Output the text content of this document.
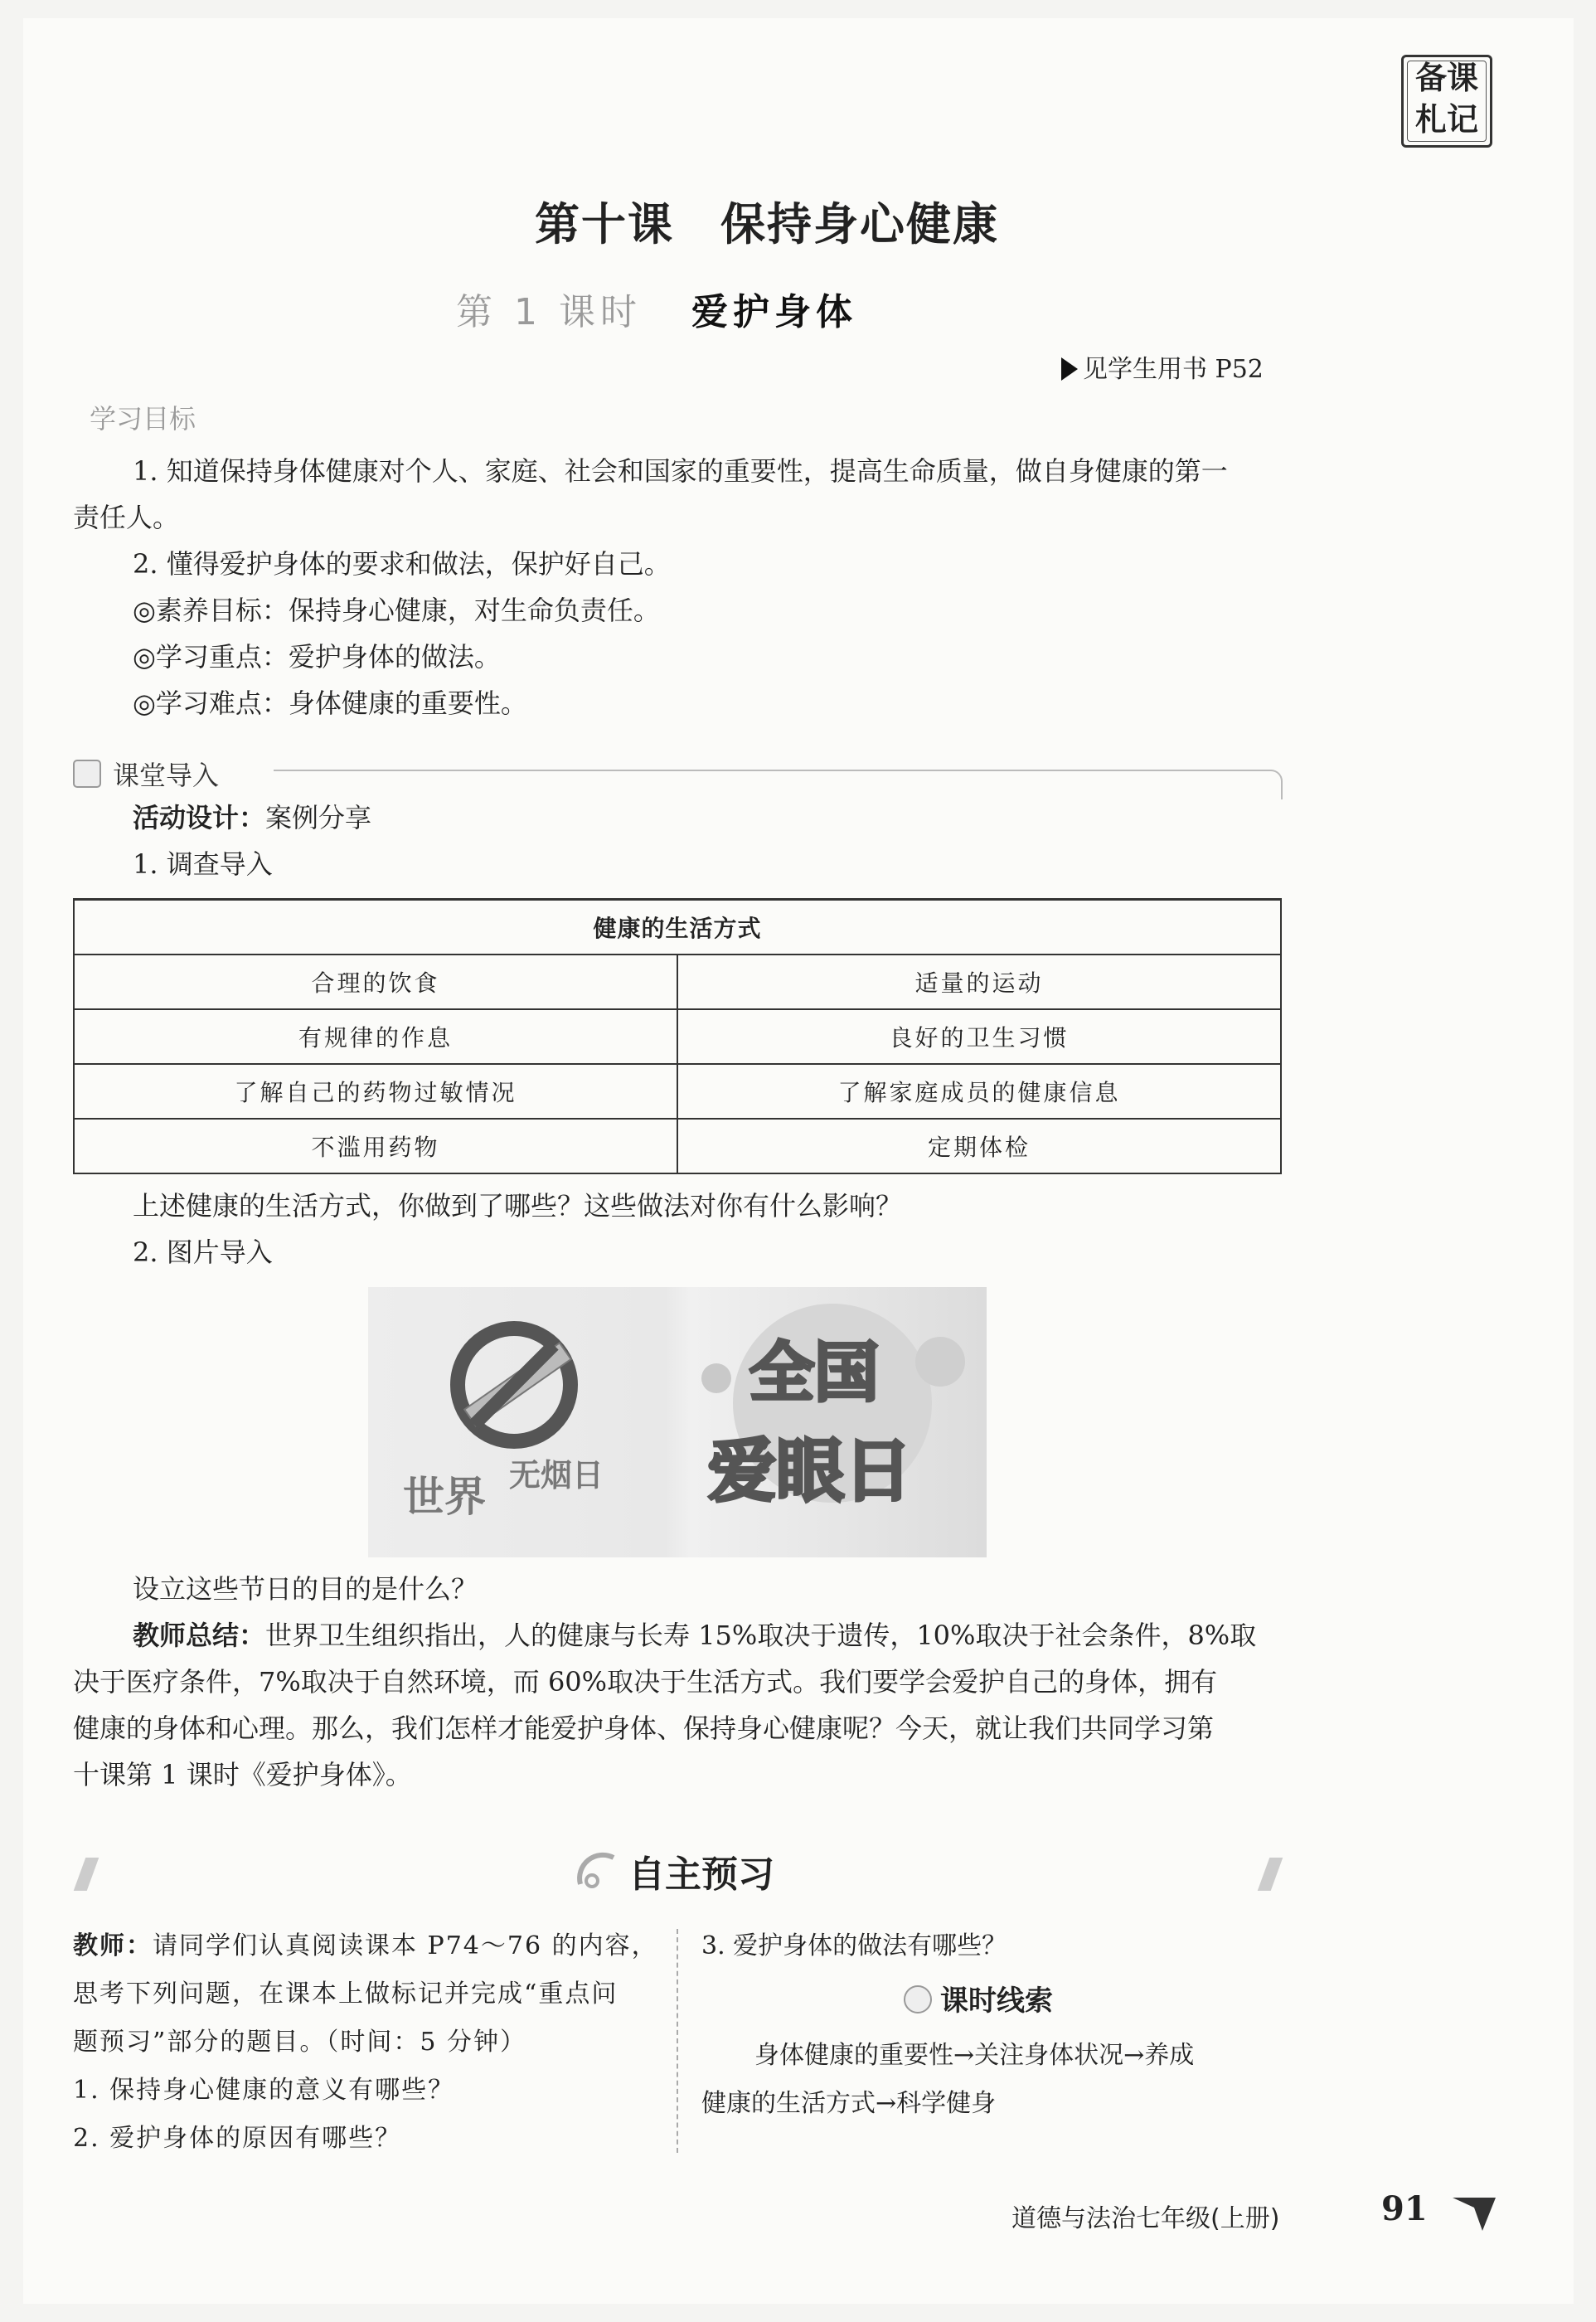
备课
札记
第十课　保持身心健康
第 1 课时 爱护身体
见学生用书 P52
学习目标
1. 知道保持身体健康对个人、家庭、社会和国家的重要性，提高生命质量，做自身健康的第一
责任人。
2. 懂得爱护身体的要求和做法，保护好自己。
◎素养目标：保持身心健康，对生命负责任。
◎学习重点：爱护身体的做法。
◎学习难点：身体健康的重要性。
课堂导入
活动设计：案例分享
1. 调查导入
健康的生活方式	
合理的饮食	适量的运动
有规律的作息	良好的卫生习惯
了解自己的药物过敏情况	了解家庭成员的健康信息
不滥用药物	定期体检
上述健康的生活方式，你做到了哪些？这些做法对你有什么影响？
2. 图片导入
世界 无烟日
全国
爱眼日
设立这些节日的目的是什么？
教师总结：世界卫生组织指出，人的健康与长寿 15%取决于遗传，10%取决于社会条件，8%取
决于医疗条件，7%取决于自然环境，而 60%取决于生活方式。我们要学会爱护自己的身体，拥有
健康的身体和心理。那么，我们怎样才能爱护身体、保持身心健康呢？今天，就让我们共同学习第
十课第 1 课时《爱护身体》。
自主预习
教师：请同学们认真阅读课本 P74～76 的内容，
思考下列问题，在课本上做标记并完成“重点问
题预习”部分的题目。（时间：5 分钟）
1. 保持身心健康的意义有哪些？
2. 爱护身体的原因有哪些？
3. 爱护身体的做法有哪些？
课时线索
身体健康的重要性→关注身体状况→养成
健康的生活方式→科学健身
道德与法治七年级(上册)	91
